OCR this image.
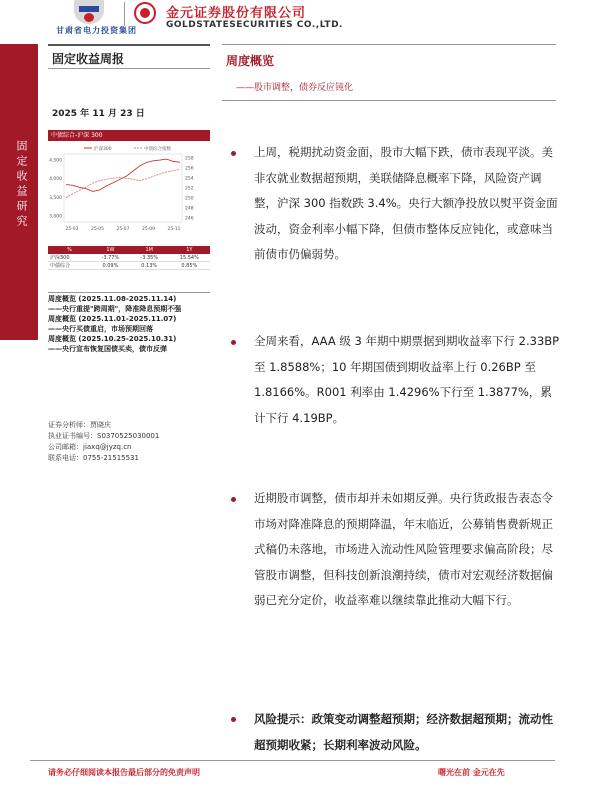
甘肃省电力投资集团
金元证券股份有限公司
GOLDSTATESECURITIES CO.,LTD.
固定收益研究
固定收益周报
2025 年 11 月 23 日
中债综合-沪深 300
沪深300	中债综合指数
4,500
4,000
3,500
3,000
258
256
254
252
250
248
246
25-03	25-05	25-07	25-09	25-11
%	1W	1M	1Y
沪深300	-3.77%	-3.35%	15.54%
中债综合	0.09%	0.13%	0.85%

周度概览 (2025.11.08-2025.11.14)

——央行重提"跨周期"，降准降息预期不强

周度概览 (2025.11.01-2025.11.07)

——央行买债重启，市场预期回落

周度概览 (2025.10.25-2025.10.31)

——央行宣布恢复国债买卖，债市反弹

证券分析师：贾晓庆

执业证书编号：S0370525030001

公司邮箱：jiaxq@jyzq.cn

联系电话：0755-21515531

周度概览
——股市调整，债券反应钝化

上周，税期扰动资金面，股市大幅下跌，债市表现平淡。美非农就业数据超预期，美联储降息概率下降，风险资产调整，沪深 300 指数跌 3.4%。央行大额净投放以熨平资金面波动，资金利率小幅下降，但债市整体反应钝化，或意味当前债市仍偏弱势。

全周来看，AAA 级 3 年期中期票据到期收益率下行 2.33BP 至 1.8588%；10 年期国债到期收益率上行 0.26BP 至 1.8166%。R001 利率由 1.4296%下行至 1.3877%，累计下行 4.19BP。

近期股市调整，债市却并未如期反弹。央行货政报告表态令市场对降准降息的预期降温，年末临近，公募销售费新规正式稿仍未落地，市场进入流动性风险管理要求偏高阶段；尽管股市调整，但科技创新浪潮持续，债市对宏观经济数据偏弱已充分定价，收益率难以继续靠此推动大幅下行。

风险提示：政策变动调整超预期；经济数据超预期；流动性超预期收紧；长期利率波动风险。

请务必仔细阅读本报告最后部分的免责声明	曙光在前 金元在先
